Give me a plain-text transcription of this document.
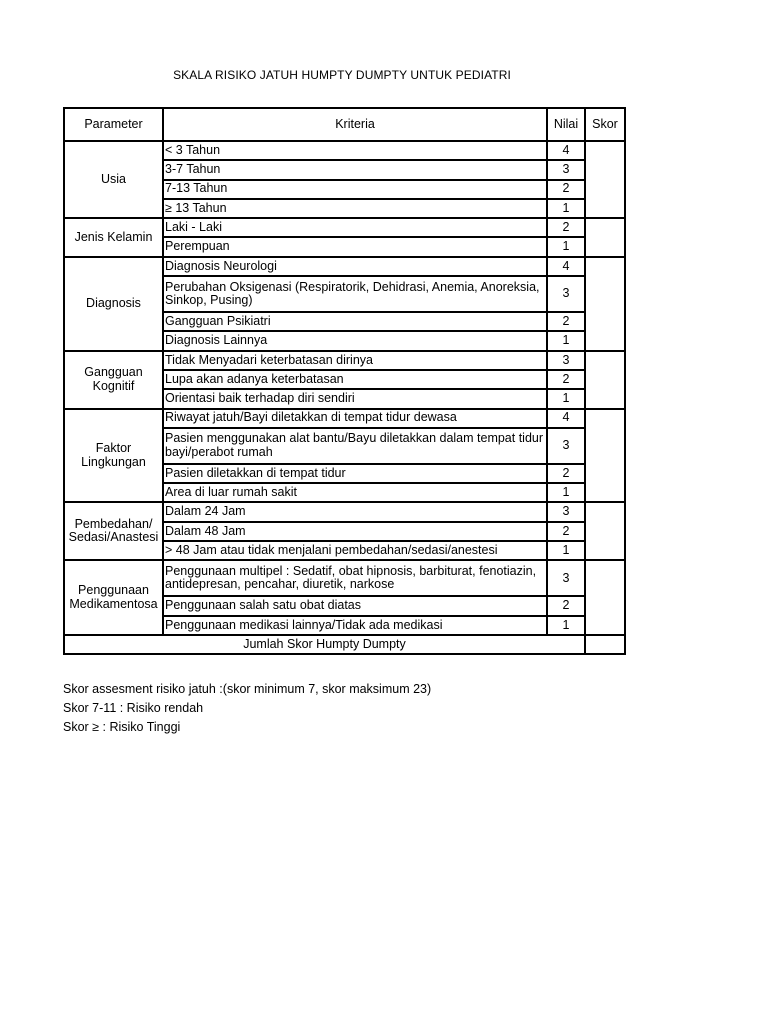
SKALA RISIKO JATUH HUMPTY DUMPTY UNTUK PEDIATRI
Parameter	Kriteria	Nilai	Skor
Usia	< 3 Tahun	4	
	3-7 Tahun	3	
	7-13 Tahun	2	
	≥ 13 Tahun	1	
Jenis Kelamin	Laki - Laki	2	
	Perempuan	1	
Diagnosis	Diagnosis Neurologi	4	
	Perubahan Oksigenasi (Respiratorik, Dehidrasi, Anemia, Anoreksia, Sinkop, Pusing)	3	
	Gangguan Psikiatri	2	
	Diagnosis Lainnya	1	
Gangguan Kognitif	Tidak Menyadari keterbatasan dirinya	3	
	Lupa akan adanya keterbatasan	2	
	Orientasi baik terhadap diri sendiri	1	
Faktor Lingkungan	Riwayat jatuh/Bayi diletakkan di tempat tidur dewasa	4	
	Pasien menggunakan alat bantu/Bayu diletakkan dalam tempat tidur bayi/perabot rumah	3	
	Pasien diletakkan di tempat tidur	2	
	Area di luar rumah sakit	1	
Pembedahan/ Sedasi/Anastesi	Dalam 24 Jam	3	
	Dalam 48 Jam	2	
	> 48 Jam atau tidak menjalani pembedahan/sedasi/anestesi	1	
Penggunaan Medikamentosa	Penggunaan multipel : Sedatif, obat hipnosis, barbiturat, fenotiazin, antidepresan, pencahar, diuretik, narkose	3	
	Penggunaan salah satu obat diatas	2	
	Penggunaan medikasi lainnya/Tidak ada medikasi	1	
Jumlah Skor Humpty Dumpty			
Skor assesment risiko jatuh :(skor minimum 7, skor maksimum 23)
Skor 7-11 : Risiko rendah
Skor ≥ : Risiko Tinggi
